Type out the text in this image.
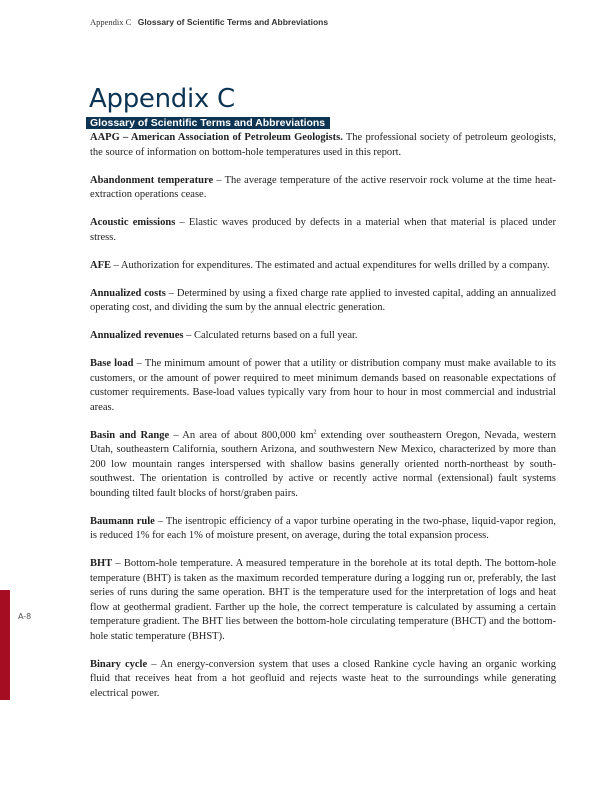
Appendix C Glossary of Scientific Terms and Abbreviations
Appendix C
Glossary of Scientific Terms and Abbreviations

AAPG – American Association of Petroleum Geologists. The professional society of petroleum geologists, the source of information on bottom-hole temperatures used in this report.

Abandonment temperature – The average temperature of the active reservoir rock volume at the time heat-extraction operations cease.

Acoustic emissions – Elastic waves produced by defects in a material when that material is placed under stress.

AFE – Authorization for expenditures. The estimated and actual expenditures for wells drilled by a company.

Annualized costs – Determined by using a fixed charge rate applied to invested capital, adding an annualized operating cost, and dividing the sum by the annual electric generation.

Annualized revenues – Calculated returns based on a full year.

Base load – The minimum amount of power that a utility or distribution company must make available to its customers, or the amount of power required to meet minimum demands based on reasonable expectations of customer requirements. Base-load values typically vary from hour to hour in most commercial and industrial areas.

Basin and Range – An area of about 800,000 $km^2$ extending over southeastern Oregon, Nevada, western Utah, southeastern California, southern Arizona, and southwestern New Mexico, characterized by more than 200 low mountain ranges interspersed with shallow basins generally oriented north-northeast by south-southwest. The orientation is controlled by active or recently active normal (extensional) fault systems bounding tilted fault blocks of horst/graben pairs.

Baumann rule – The isentropic efficiency of a vapor turbine operating in the two-phase, liquid-vapor region, is reduced 1% for each 1% of moisture present, on average, during the total expansion process.

BHT – Bottom-hole temperature. A measured temperature in the borehole at its total depth. The bottom-hole temperature (BHT) is taken as the maximum recorded temperature during a logging run or, preferably, the last series of runs during the same operation. BHT is the temperature used for the interpretation of logs and heat flow at geothermal gradient. Farther up the hole, the correct temperature is calculated by assuming a certain temperature gradient. The BHT lies between the bottom-hole circulating temperature (BHCT) and the bottom-hole static temperature (BHST).

Binary cycle – An energy-conversion system that uses a closed Rankine cycle having an organic working fluid that receives heat from a hot geofluid and rejects waste heat to the surroundings while generating electrical power.

A-8
